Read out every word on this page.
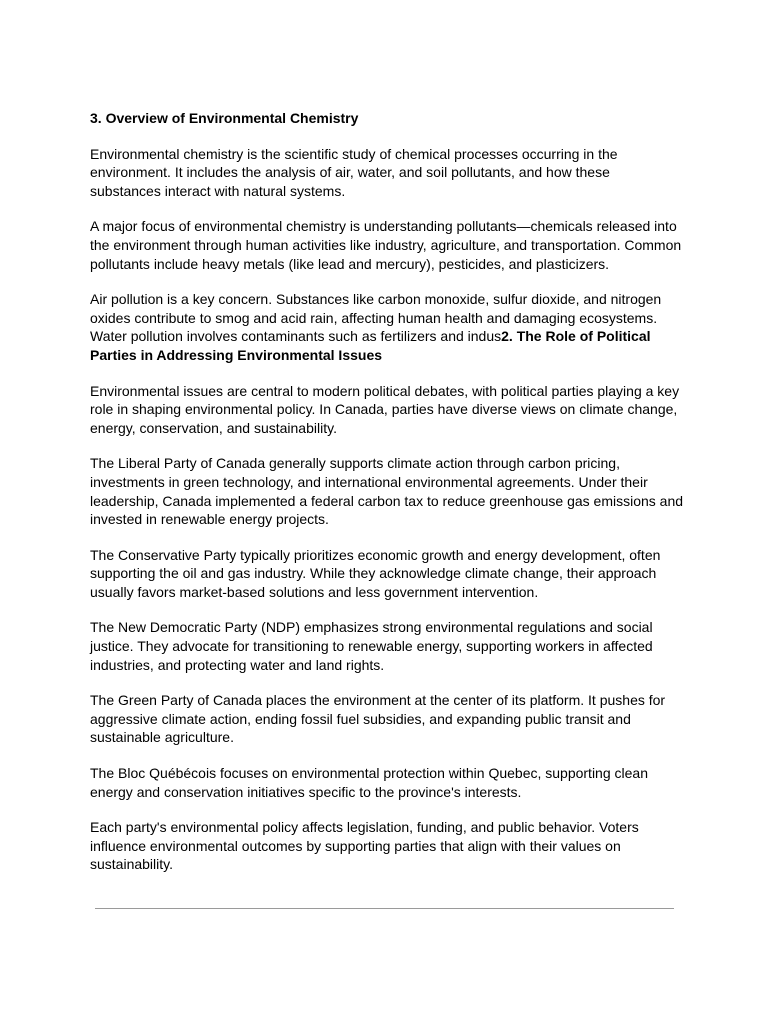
3. Overview of Environmental Chemistry

Environmental chemistry is the scientific study of chemical processes occurring in the environment. It includes the analysis of air, water, and soil pollutants, and how these substances interact with natural systems.

A major focus of environmental chemistry is understanding pollutants—chemicals released into the environment through human activities like industry, agriculture, and transportation. Common pollutants include heavy metals (like lead and mercury), pesticides, and plasticizers.

Air pollution is a key concern. Substances like carbon monoxide, sulfur dioxide, and nitrogen oxides contribute to smog and acid rain, affecting human health and damaging ecosystems. Water pollution involves contaminants such as fertilizers and indus2. The Role of Political Parties in Addressing Environmental Issues

Environmental issues are central to modern political debates, with political parties playing a key role in shaping environmental policy. In Canada, parties have diverse views on climate change, energy, conservation, and sustainability.

The Liberal Party of Canada generally supports climate action through carbon pricing, investments in green technology, and international environmental agreements. Under their leadership, Canada implemented a federal carbon tax to reduce greenhouse gas emissions and invested in renewable energy projects.

The Conservative Party typically prioritizes economic growth and energy development, often supporting the oil and gas industry. While they acknowledge climate change, their approach usually favors market-based solutions and less government intervention.

The New Democratic Party (NDP) emphasizes strong environmental regulations and social justice. They advocate for transitioning to renewable energy, supporting workers in affected industries, and protecting water and land rights.

The Green Party of Canada places the environment at the center of its platform. It pushes for aggressive climate action, ending fossil fuel subsidies, and expanding public transit and sustainable agriculture.

The Bloc Québécois focuses on environmental protection within Quebec, supporting clean energy and conservation initiatives specific to the province's interests.

Each party's environmental policy affects legislation, funding, and public behavior. Voters influence environmental outcomes by supporting parties that align with their values on sustainability.
